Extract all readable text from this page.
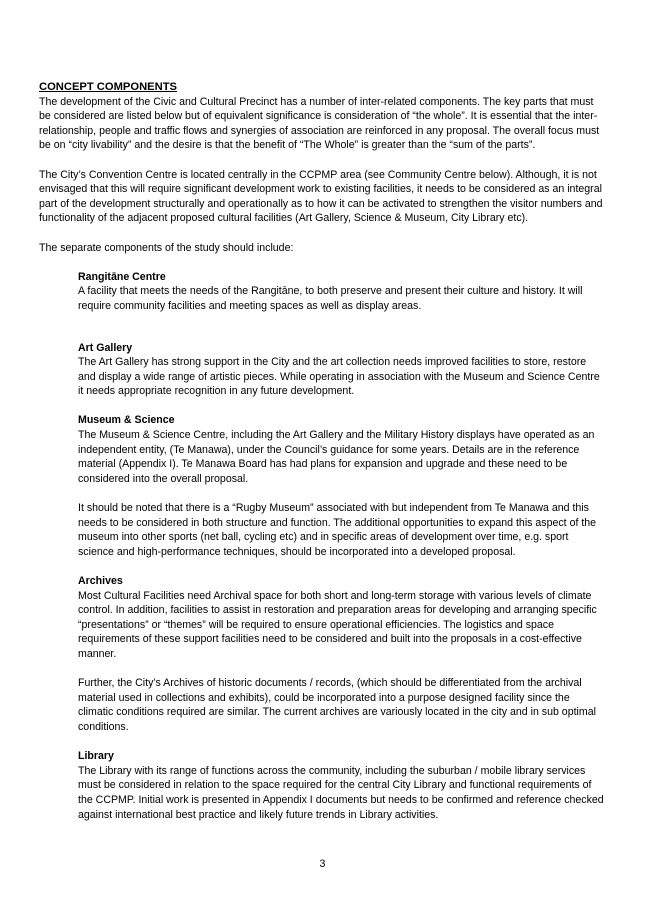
CONCEPT COMPONENTS

The development of the Civic and Cultural Precinct has a number of inter-related components. The key parts that must be considered are listed below but of equivalent significance is consideration of “the whole”. It is essential that the inter-relationship, people and traffic flows and synergies of association are reinforced in any proposal. The overall focus must be on “city livability” and the desire is that the benefit of “The Whole” is greater than the “sum of the parts”.

The City’s Convention Centre is located centrally in the CCPMP area (see Community Centre below). Although, it is not envisaged that this will require significant development work to existing facilities, it needs to be considered as an integral part of the development structurally and operationally as to how it can be activated to strengthen the visitor numbers and functionality of the adjacent proposed cultural facilities (Art Gallery, Science & Museum, City Library etc).

The separate components of the study should include:

Rangitāne Centre

A facility that meets the needs of the Rangitāne, to both preserve and present their culture and history. It will require community facilities and meeting spaces as well as display areas.

Art Gallery

The Art Gallery has strong support in the City and the art collection needs improved facilities to store, restore and display a wide range of artistic pieces. While operating in association with the Museum and Science Centre it needs appropriate recognition in any future development.

Museum & Science

The Museum & Science Centre, including the Art Gallery and the Military History displays have operated as an independent entity, (Te Manawa), under the Council’s guidance for some years. Details are in the reference material (Appendix I). Te Manawa Board has had plans for expansion and upgrade and these need to be considered into the overall proposal.

It should be noted that there is a “Rugby Museum” associated with but independent from Te Manawa and this needs to be considered in both structure and function. The additional opportunities to expand this aspect of the museum into other sports (net ball, cycling etc) and in specific areas of development over time, e.g. sport science and high-performance techniques, should be incorporated into a developed proposal.

Archives

Most Cultural Facilities need Archival space for both short and long-term storage with various levels of climate control. In addition, facilities to assist in restoration and preparation areas for developing and arranging specific “presentations” or “themes” will be required to ensure operational efficiencies. The logistics and space requirements of these support facilities need to be considered and built into the proposals in a cost-effective manner.

Further, the City’s Archives of historic documents / records, (which should be differentiated from the archival material used in collections and exhibits), could be incorporated into a purpose designed facility since the climatic conditions required are similar. The current archives are variously located in the city and in sub optimal conditions.

Library

The Library with its range of functions across the community, including the suburban / mobile library services must be considered in relation to the space required for the central City Library and functional requirements of the CCPMP. Initial work is presented in Appendix I documents but needs to be confirmed and reference checked against international best practice and likely future trends in Library activities.

3
